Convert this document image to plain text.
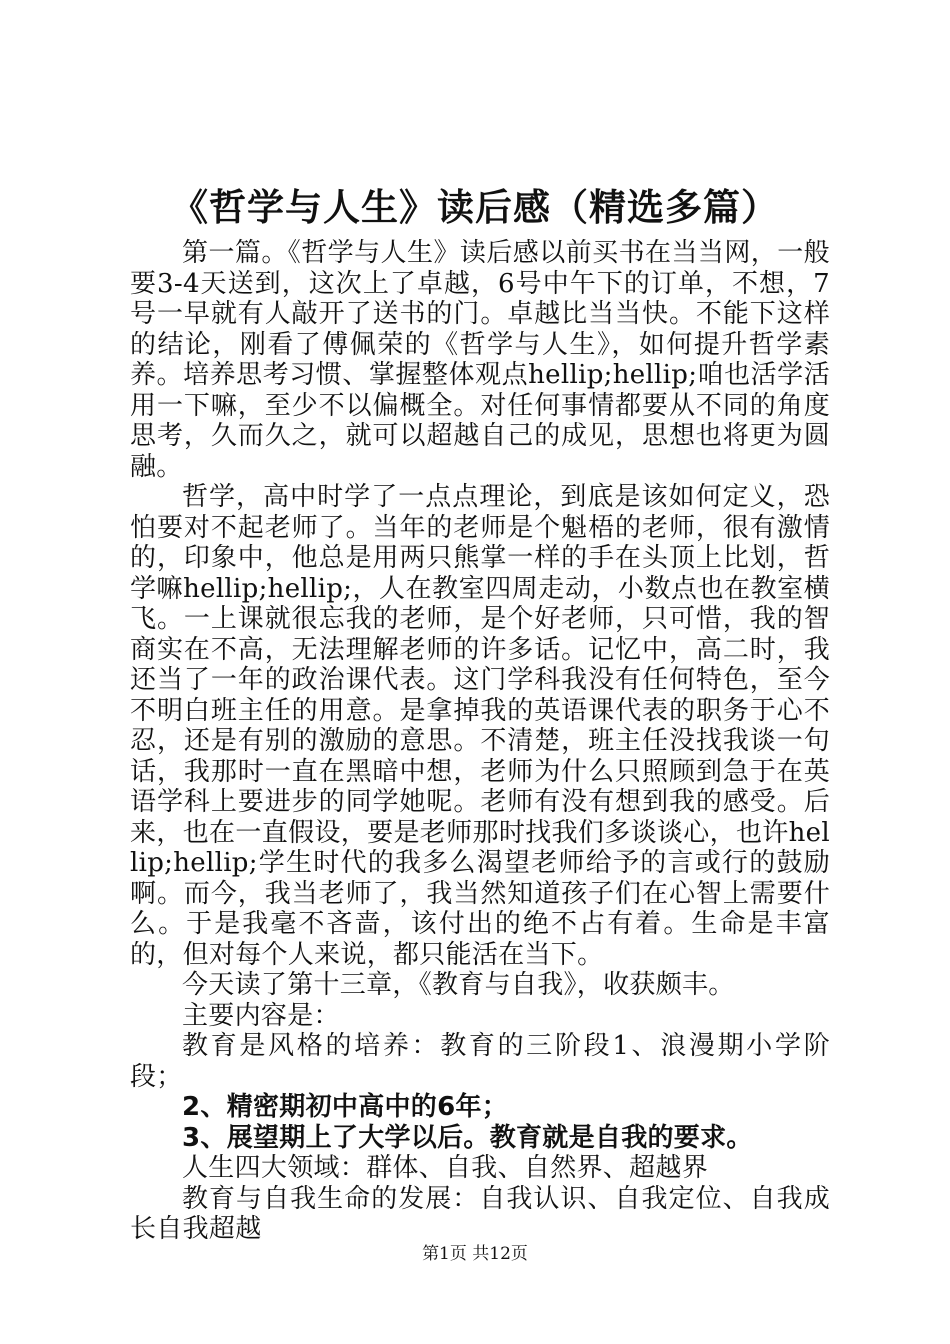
《哲学与人生》读后感（精选多篇）

第一篇。《哲学与人生》读后感以前买书在当当网，一般要3-4天送到，这次上了卓越，6号中午下的订单，不想，7号一早就有人敲开了送书的门。卓越比当当快。不能下这样的结论，刚看了傅佩荣的《哲学与人生》，如何提升哲学素养。培养思考习惯、掌握整体观点hellip;hellip;咱也活学活用一下嘛，至少不以偏概全。对任何事情都要从不同的角度思考，久而久之，就可以超越自己的成见，思想也将更为圆融。

哲学，高中时学了一点点理论，到底是该如何定义，恐怕要对不起老师了。当年的老师是个魁梧的老师，很有激情的，印象中，他总是用两只熊掌一样的手在头顶上比划，哲学嘛hellip;hellip;，人在教室四周走动，小数点也在教室横飞。一上课就很忘我的老师，是个好老师，只可惜，我的智商实在不高，无法理解老师的许多话。记忆中，高二时，我还当了一年的政治课代表。这门学科我没有任何特色，至今不明白班主任的用意。是拿掉我的英语课代表的职务于心不忍，还是有别的激励的意思。不清楚，班主任没找我谈一句话，我那时一直在黑暗中想，老师为什么只照顾到急于在英语学科上要进步的同学她呢。老师有没有想到我的感受。后来，也在一直假设，要是老师那时找我们多谈谈心，也许hellip;hellip;学生时代的我多么渴望老师给予的言或行的鼓励啊。而今，我当老师了，我当然知道孩子们在心智上需要什么。于是我毫不吝啬，该付出的绝不占有着。生命是丰富的，但对每个人来说，都只能活在当下。

今天读了第十三章，《教育与自我》，收获颇丰。

主要内容是：

教育是风格的培养：教育的三阶段1、浪漫期小学阶段；

2、精密期初中高中的6年；

3、展望期上了大学以后。教育就是自我的要求。

人生四大领域：群体、自我、自然界、超越界

教育与自我生命的发展：自我认识、自我定位、自我成长自我超越

第1页 共12页
